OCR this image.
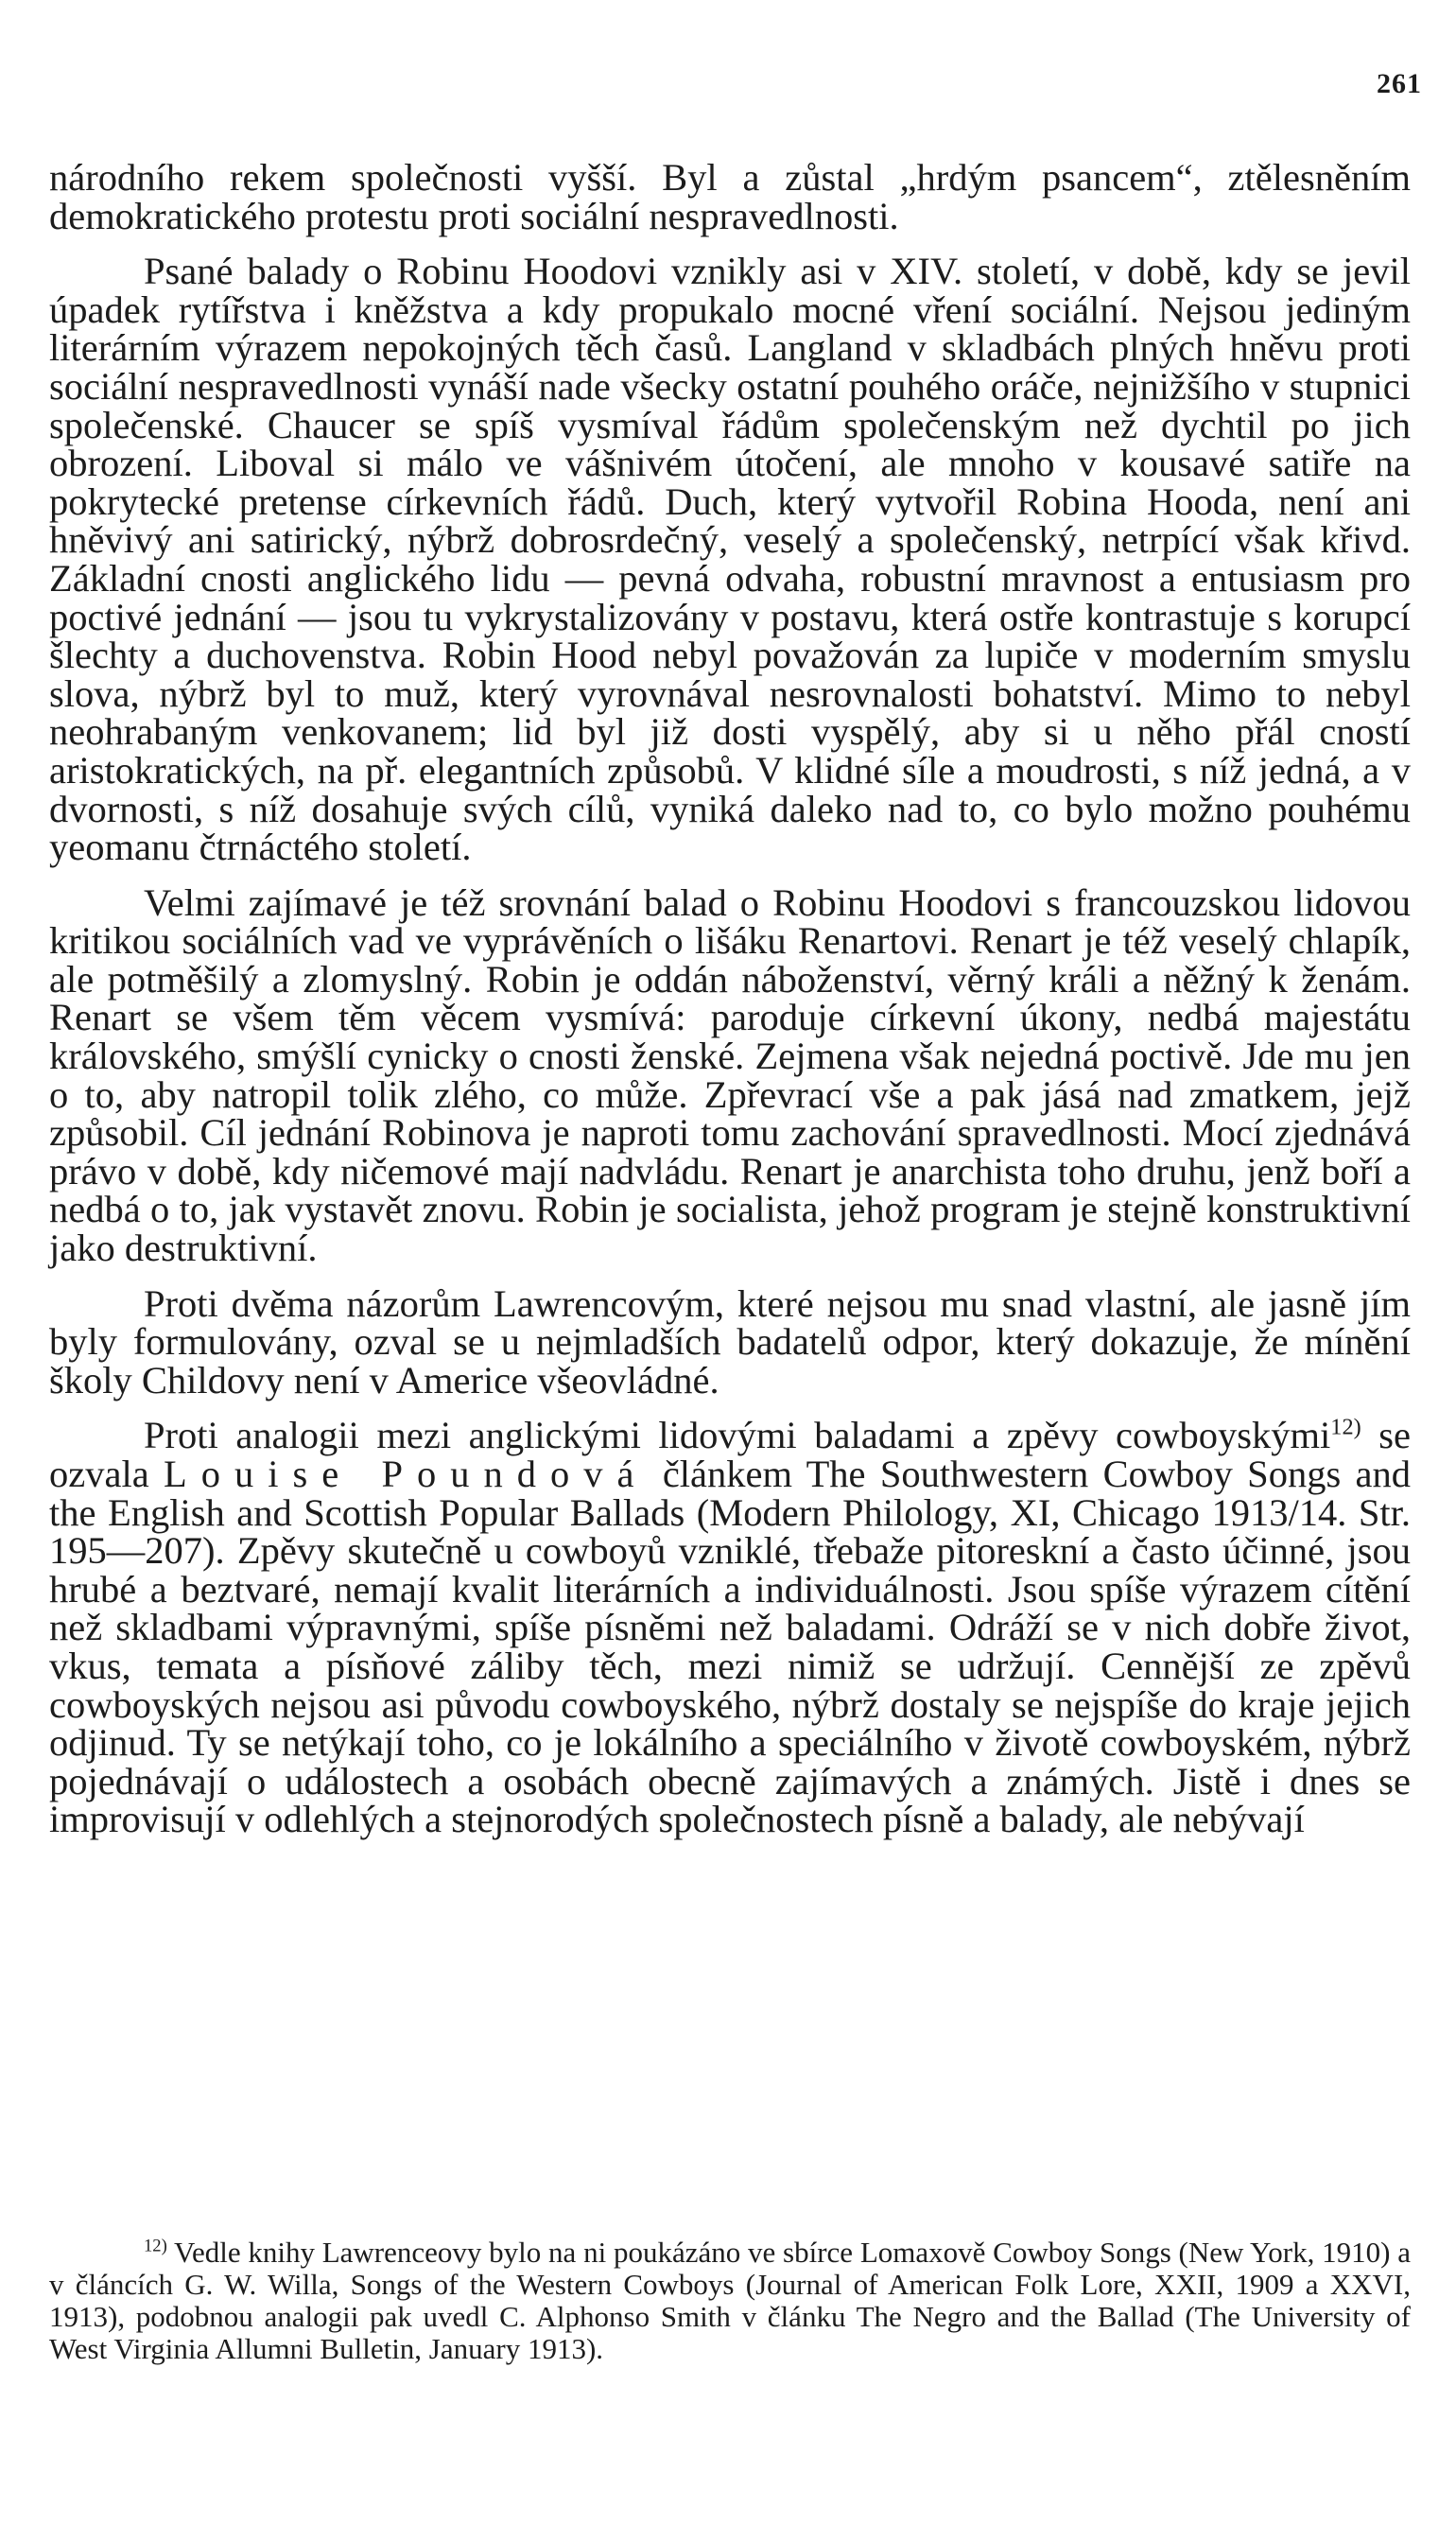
261

národního rekem společnosti vyšší. Byl a zůstal „hrdým psancem“, ztělesněním demokratického protestu proti sociální nespravedlnosti.

Psané balady o Robinu Hoodovi vznikly asi v XIV. století, v době, kdy se jevil úpadek rytířstva i kněžstva a kdy propukalo mocné vření sociální. Nejsou jediným literárním výrazem nepokojných těch časů. Langland v skladbách plných hněvu proti sociální nespravedlnosti vynáší nade všecky ostatní pouhého oráče, nejnižšího v stupnici společenské. Chaucer se spíš vysmíval řádům společenským než dychtil po jich obrození. Liboval si málo ve vášnivém útočení, ale mnoho v kousavé satiře na pokrytecké pretense církevních řádů. Duch, který vytvořil Robina Hooda, není ani hněvivý ani satirický, nýbrž dobrosrdečný, veselý a společenský, netrpící však křivd. Základní cnosti anglického lidu — pevná odvaha, robustní mravnost a entusiasm pro poctivé jednání — jsou tu vykrystalizovány v postavu, která ostře kontrastuje s korupcí šlechty a duchovenstva. Robin Hood nebyl považován za lupiče v moderním smyslu slova, nýbrž byl to muž, který vyrovnával nesrovnalosti bohatství. Mimo to nebyl neohrabaným venkovanem; lid byl již dosti vyspělý, aby si u něho přál cností aristokratických, na př. elegantních způsobů. V klidné síle a moudrosti, s níž jedná, a v dvornosti, s níž dosahuje svých cílů, vyniká daleko nad to, co bylo možno pouhému yeomanu čtrnáctého století.

Velmi zajímavé je též srovnání balad o Robinu Hoodovi s francouzskou lidovou kritikou sociálních vad ve vyprávěních o lišáku Renartovi. Renart je též veselý chlapík, ale potměšilý a zlomyslný. Robin je oddán náboženství, věrný králi a něžný k ženám. Renart se všem těm věcem vysmívá: paroduje církevní úkony, nedbá majestátu královského, smýšlí cynicky o cnosti ženské. Zejmena však nejedná poctivě. Jde mu jen o to, aby natropil tolik zlého, co může. Zpřevrací vše a pak jásá nad zmatkem, jejž způsobil. Cíl jednání Robinova je naproti tomu zachování spravedlnosti. Mocí zjednává právo v době, kdy ničemové mají nadvládu. Renart je anarchista toho druhu, jenž boří a nedbá o to, jak vystavět znovu. Robin je socialista, jehož program je stejně konstruktivní jako destruktivní.

Proti dvěma názorům Lawrencovým, které nejsou mu snad vlastní, ale jasně jím byly formulovány, ozval se u nejmladších badatelů odpor, který dokazuje, že mínění školy Childovy není v Americe všeovládné.

Proti analogii mezi anglickými lidovými baladami a zpěvy cowboyskými$^{12)}$ se ozvala Louise Poundová článkem The Southwestern Cowboy Songs and the English and Scottish Popular Ballads (Modern Philology, XI, Chicago 1913/14. Str. 195—207). Zpěvy skutečně u cowboyů vzniklé, třebaže pitoreskní a často účinné, jsou hrubé a beztvaré, nemají kvalit literárních a individuálnosti. Jsou spíše výrazem cítění než skladbami výpravnými, spíše písněmi než baladami. Odráží se v nich dobře život, vkus, temata a písňové záliby těch, mezi nimiž se udržují. Cennější ze zpěvů cowboyských nejsou asi původu cowboyského, nýbrž dostaly se nejspíše do kraje jejich odjinud. Ty se netýkají toho, co je lokálního a speciálního v životě cowboyském, nýbrž pojednávají o událostech a osobách obecně zajímavých a známých. Jistě i dnes se improvisují v odlehlých a stejnorodých společnostech písně a balady, ale nebývají

$^{12)}$ Vedle knihy Lawrenceovy bylo na ni poukázáno ve sbírce Lomaxově Cowboy Songs (New York, 1910) a v článcích G. W. Willa, Songs of the Western Cowboys (Journal of American Folk Lore, XXII, 1909 a XXVI, 1913), podobnou analogii pak uvedl C. Alphonso Smith v článku The Negro and the Ballad (The University of West Virginia Allumni Bulletin, January 1913).
